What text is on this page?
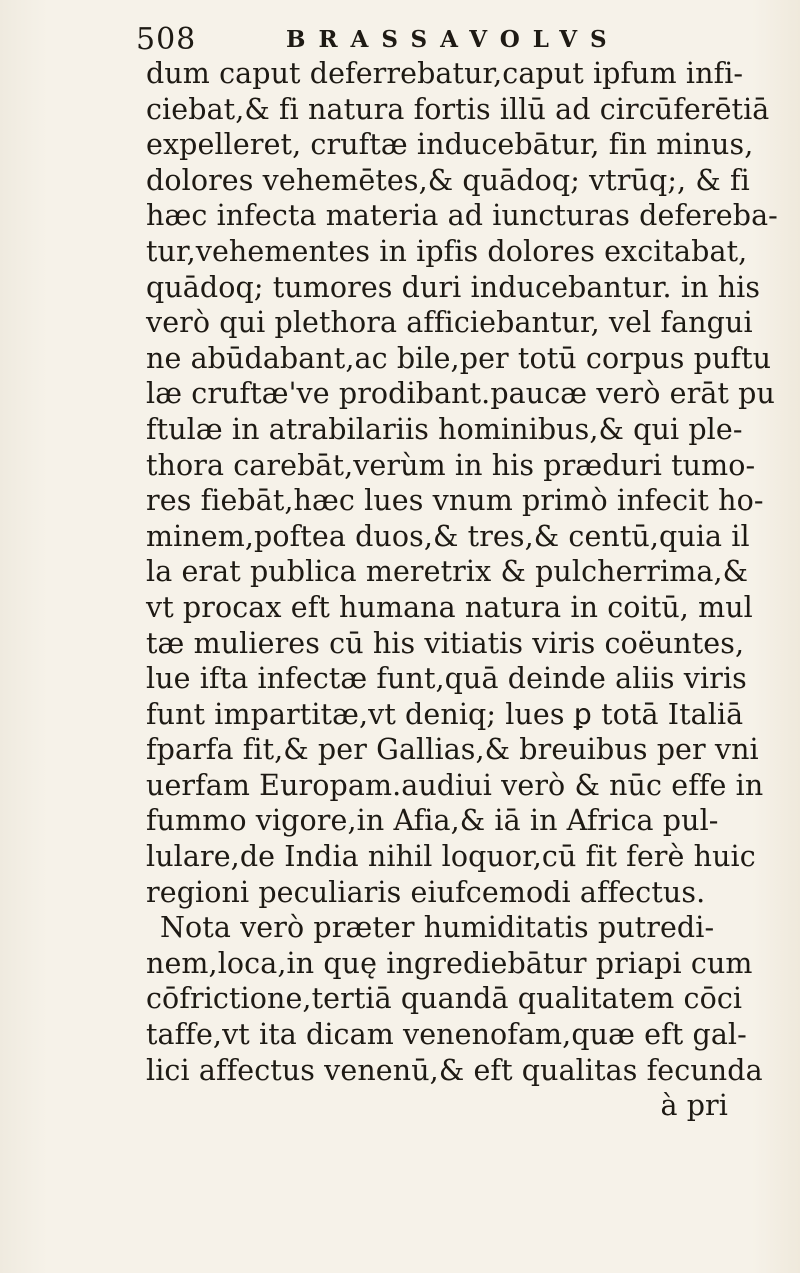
508	BRASSAVOLVS
dum caput deferrebatur,caput ipfum infi-
ciebat,& fi natura fortis illū ad circūferētiā
expelleret, cruftæ inducebātur, fin minus,
dolores vehemētes,& quādoq; vtrūq;, & fi
hæc infecta materia ad iuncturas defereba-
tur,vehementes in ipfis dolores excitabat,
quādoq; tumores duri inducebantur. in his
verò qui plethora afficiebantur, vel fangui
ne abūdabant,ac bile,per totū corpus puftu
læ cruftæ've prodibant.paucæ verò erāt pu
ftulæ in atrabilariis hominibus,& qui ple-
thora carebāt,verùm in his præduri tumo-
res fiebāt,hæc lues vnum primò infecit ho-
minem,poftea duos,& tres,& centū,quia il
la erat publica meretrix & pulcherrima,&
vt procax eft humana natura in coitū, mul
tæ mulieres cū his vitiatis viris coëuntes,
lue ifta infectæ funt,quā deinde aliis viris
funt impartitæ,vt deniq; lues ꝑ totā Italiā
fparfa fit,& per Gallias,& breuibus per vni
uerfam Europam.audiui verò & nūc effe in
fummo vigore,in Afia,& iā in Africa pul-
lulare,de India nihil loquor,cū fit ferè huic
regioni peculiaris eiufcemodi affectus.
Nota verò præter humiditatis putredi-
nem,loca,in quę ingrediebātur priapi cum
cōfrictione,tertiā quandā qualitatem cōci
taffe,vt ita dicam venenofam,quæ eft gal-
lici affectus venenū,& eft qualitas fecunda
à pri
